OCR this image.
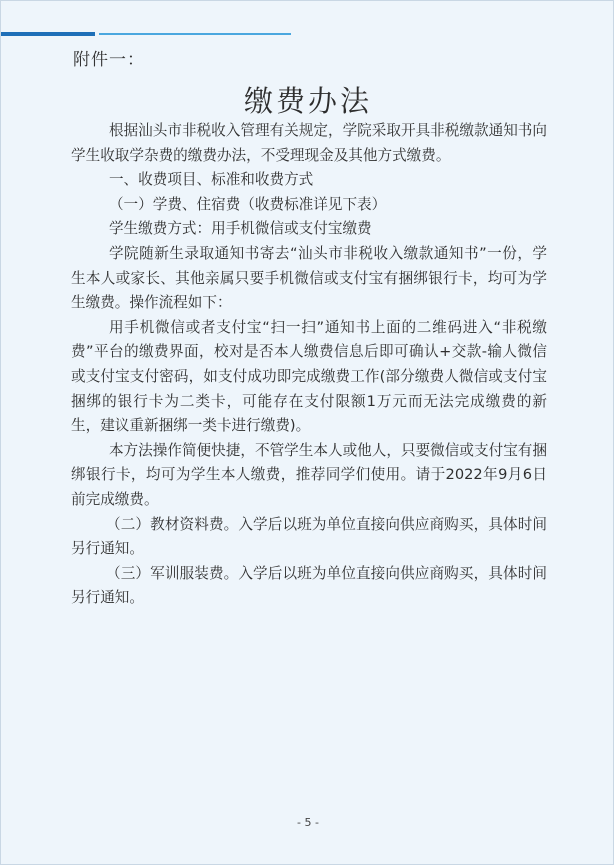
附件一：
缴费办法

根据汕头市非税收入管理有关规定，学院采取开具非税缴款通知书向学生收取学杂费的缴费办法，不受理现金及其他方式缴费。

一、收费项目、标准和收费方式

（一）学费、住宿费（收费标准详见下表）

学生缴费方式：用手机微信或支付宝缴费

学院随新生录取通知书寄去“汕头市非税收入缴款通知书”一份，学生本人或家长、其他亲属只要手机微信或支付宝有捆绑银行卡，均可为学生缴费。操作流程如下：

用手机微信或者支付宝“扫一扫”通知书上面的二维码进入“非税缴费”平台的缴费界面，校对是否本人缴费信息后即可确认+交款-输人微信或支付宝支付密码，如支付成功即完成缴费工作(部分缴费人微信或支付宝捆绑的银行卡为二类卡，可能存在支付限额1万元而无法完成缴费的新生，建议重新捆绑一类卡进行缴费)。

本方法操作简便快捷，不管学生本人或他人，只要微信或支付宝有捆绑银行卡，均可为学生本人缴费，推荐同学们使用。请于2022年9月6日前完成缴费。

（二）教材资料费。入学后以班为单位直接向供应商购买，具体时间另行通知。

（三）军训服装费。入学后以班为单位直接向供应商购买，具体时间另行通知。

- 5 -
